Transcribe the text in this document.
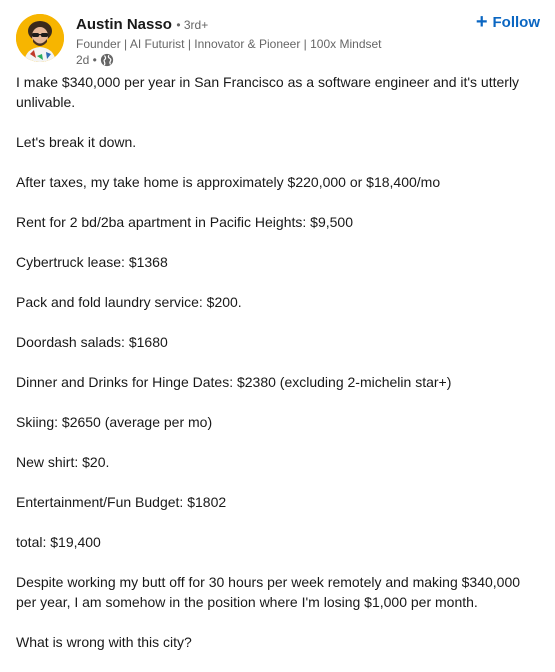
Austin Nasso • 3rd+
Founder | AI Futurist | Innovator & Pioneer | 100x Mindset
2d •
+ Follow

I make $340,000 per year in San Francisco as a software engineer and it's utterly unlivable.

Let's break it down.

After taxes, my take home is approximately $220,000 or $18,400/mo

Rent for 2 bd/2ba apartment in Pacific Heights: $9,500

Cybertruck lease: $1368

Pack and fold laundry service: $200.

Doordash salads: $1680

Dinner and Drinks for Hinge Dates: $2380 (excluding 2-michelin star+)

Skiing: $2650 (average per mo)

New shirt: $20.

Entertainment/Fun Budget: $1802

total: $19,400

Despite working my butt off for 30 hours per week remotely and making $340,000 per year, I am somehow in the position where I'm losing $1,000 per month.

What is wrong with this city?
